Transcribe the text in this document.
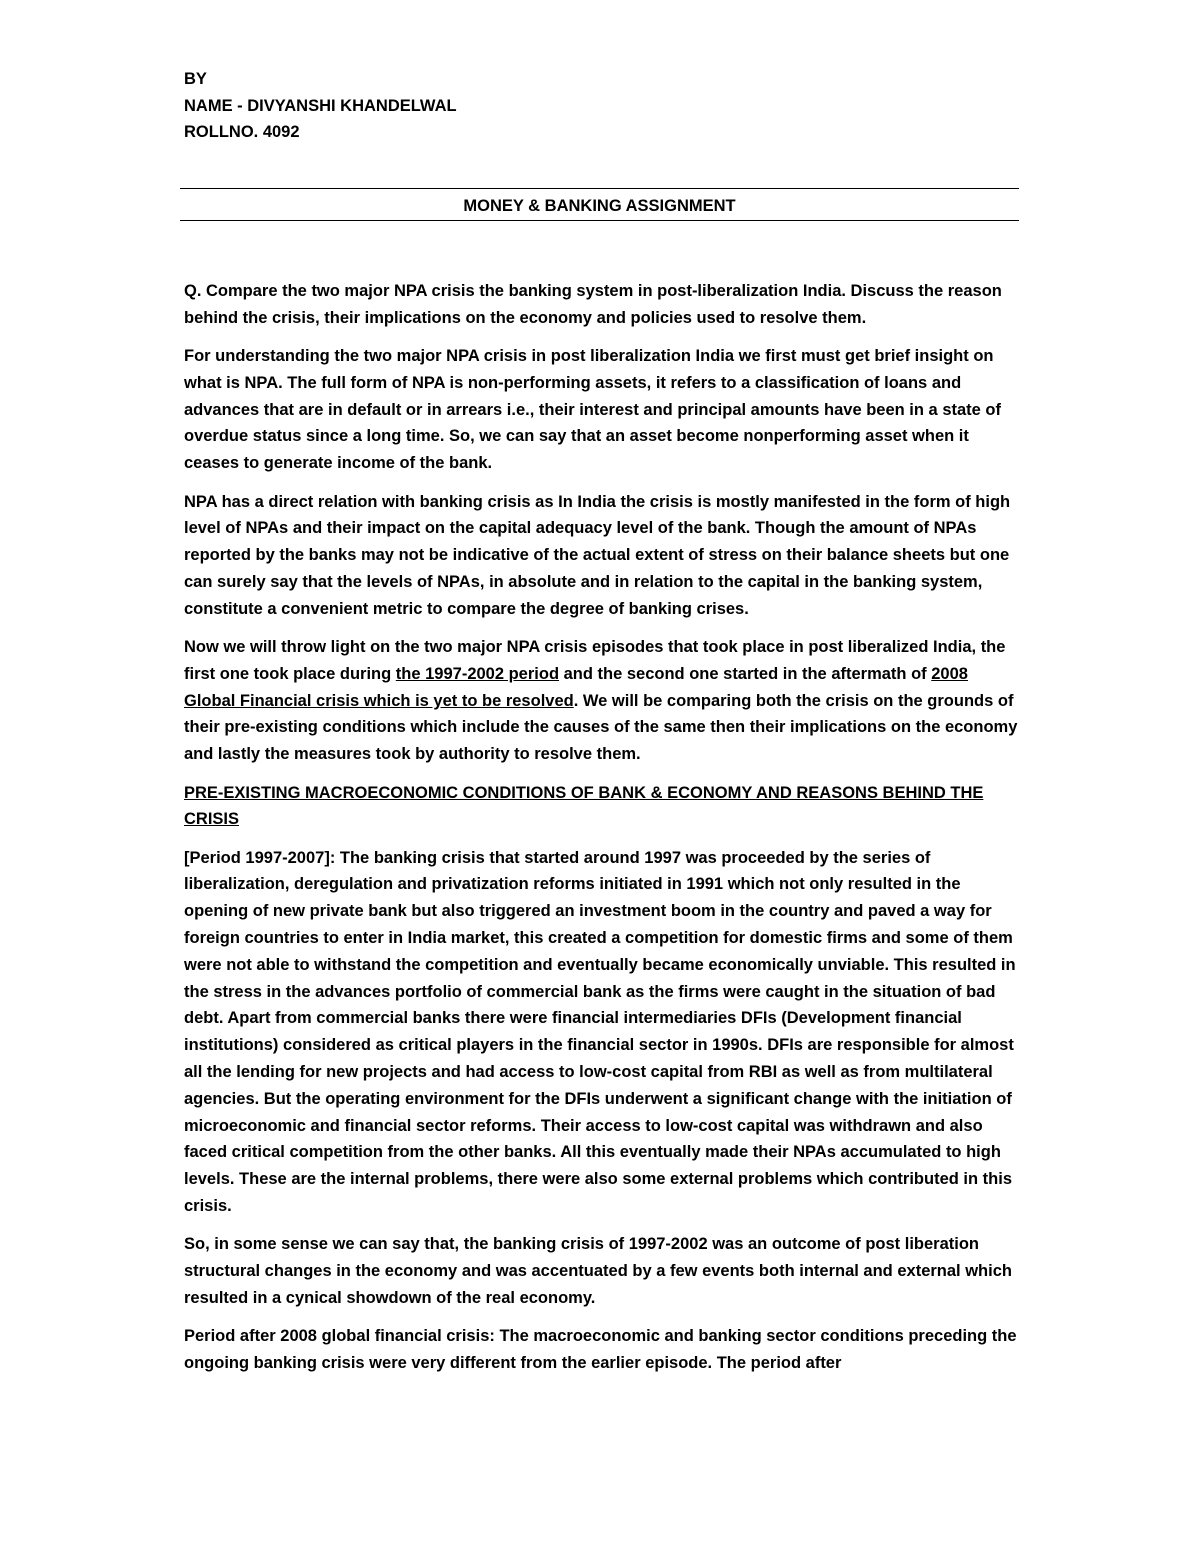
BY
NAME - DIVYANSHI KHANDELWAL
ROLLNO. 4092
MONEY & BANKING ASSIGNMENT

Q. Compare the two major NPA crisis the banking system in post-liberalization India. Discuss the reason behind the crisis, their implications on the economy and policies used to resolve them.

For understanding the two major NPA crisis in post liberalization India we first must get brief insight on what is NPA. The full form of NPA is non-performing assets, it refers to a classification of loans and advances that are in default or in arrears i.e., their interest and principal amounts have been in a state of overdue status since a long time. So, we can say that an asset become nonperforming asset when it ceases to generate income of the bank.

NPA has a direct relation with banking crisis as In India the crisis is mostly manifested in the form of high level of NPAs and their impact on the capital adequacy level of the bank. Though the amount of NPAs reported by the banks may not be indicative of the actual extent of stress on their balance sheets but one can surely say that the levels of NPAs, in absolute and in relation to the capital in the banking system, constitute a convenient metric to compare the degree of banking crises.

Now we will throw light on the two major NPA crisis episodes that took place in post liberalized India, the first one took place during the 1997-2002 period and the second one started in the aftermath of 2008 Global Financial crisis which is yet to be resolved. We will be comparing both the crisis on the grounds of their pre-existing conditions which include the causes of the same then their implications on the economy and lastly the measures took by authority to resolve them.

PRE-EXISTING MACROECONOMIC CONDITIONS OF BANK & ECONOMY AND REASONS BEHIND THE CRISIS

[Period 1997-2007]: The banking crisis that started around 1997 was proceeded by the series of liberalization, deregulation and privatization reforms initiated in 1991 which not only resulted in the opening of new private bank but also triggered an investment boom in the country and paved a way for foreign countries to enter in India market, this created a competition for domestic firms and some of them were not able to withstand the competition and eventually became economically unviable. This resulted in the stress in the advances portfolio of commercial bank as the firms were caught in the situation of bad debt. Apart from commercial banks there were financial intermediaries DFIs (Development financial institutions) considered as critical players in the financial sector in 1990s. DFIs are responsible for almost all the lending for new projects and had access to low-cost capital from RBI as well as from multilateral agencies. But the operating environment for the DFIs underwent a significant change with the initiation of microeconomic and financial sector reforms. Their access to low-cost capital was withdrawn and also faced critical competition from the other banks. All this eventually made their NPAs accumulated to high levels. These are the internal problems, there were also some external problems which contributed in this crisis.

So, in some sense we can say that, the banking crisis of 1997-2002 was an outcome of post liberation structural changes in the economy and was accentuated by a few events both internal and external which resulted in a cynical showdown of the real economy.

Period after 2008 global financial crisis: The macroeconomic and banking sector conditions preceding the ongoing banking crisis were very different from the earlier episode. The period after
